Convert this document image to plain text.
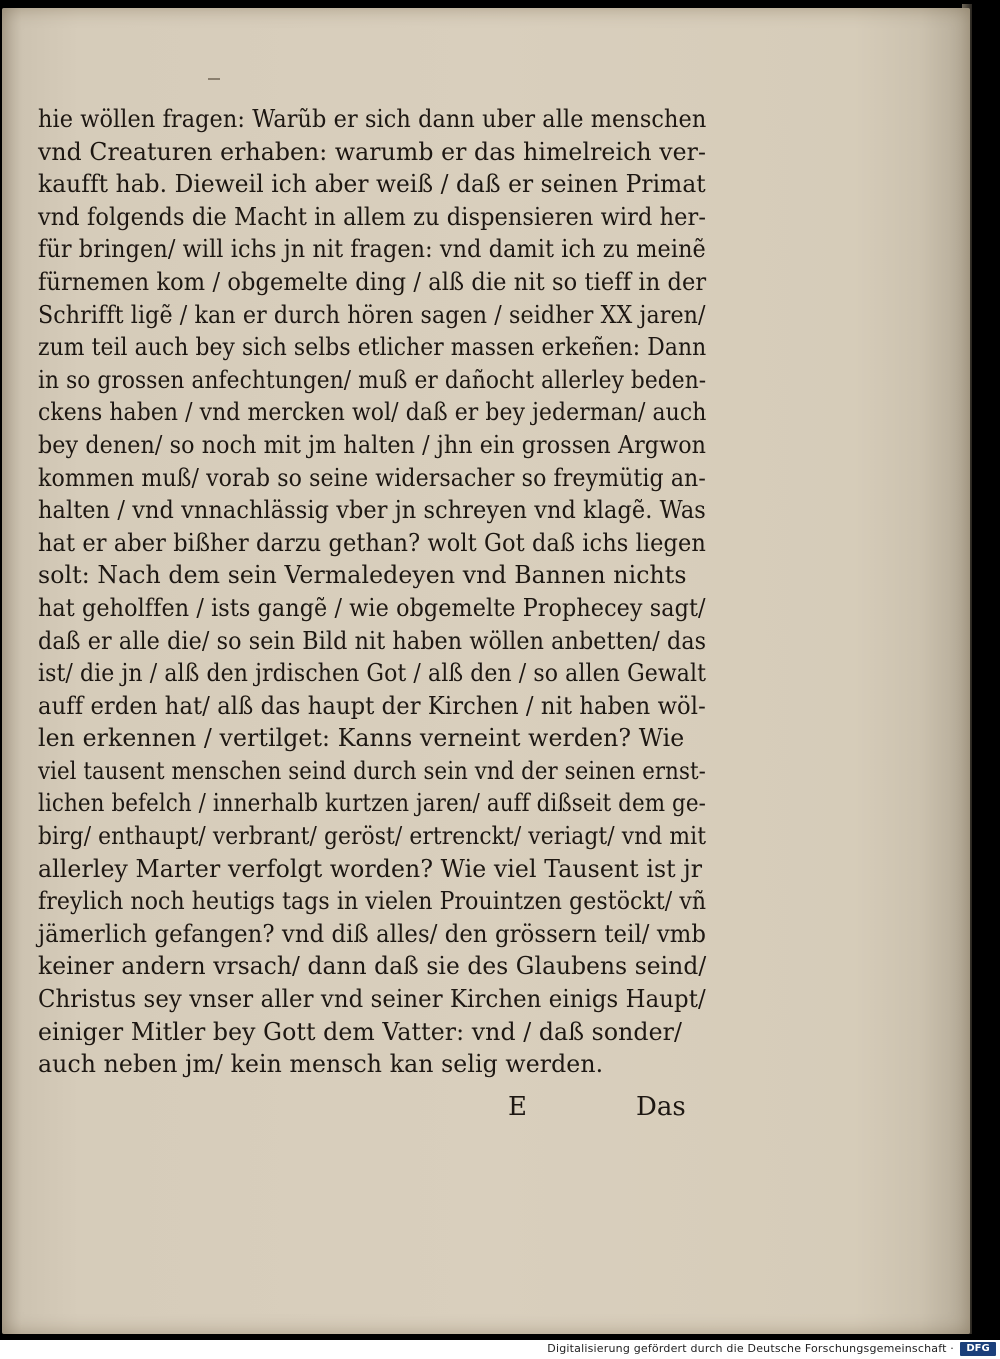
hie wöllen fragen: Warũb er sich dann uber alle menschen
vnd Creaturen erhaben: warumb er das himelreich ver-
kaufft hab. Dieweil ich aber weiß / daß er seinen Primat
vnd folgends die Macht in allem zu dispensieren wird her-
für bringen/ will ichs jn nit fragen: vnd damit ich zu meinẽ
fürnemen kom / obgemelte ding / alß die nit so tieff in der
Schrifft ligẽ / kan er durch hören sagen / seidher XX jaren/
zum teil auch bey sich selbs etlicher massen erkeñen: Dann
in so grossen anfechtungen/ muß er dañocht allerley beden-
ckens haben / vnd mercken wol/ daß er bey jederman/ auch
bey denen/ so noch mit jm halten / jhn ein grossen Argwon
kommen muß/ vorab so seine widersacher so freymütig an-
halten / vnd vnnachlässig vber jn schreyen vnd klagẽ. Was
hat er aber bißher darzu gethan? wolt Got daß ichs liegen
solt: Nach dem sein Vermaledeyen vnd Bannen nichts
hat geholffen / ists gangẽ / wie obgemelte Prophecey sagt/
daß er alle die/ so sein Bild nit haben wöllen anbetten/ das
ist/ die jn / alß den jrdischen Got / alß den / so allen Gewalt
auff erden hat/ alß das haupt der Kirchen / nit haben wöl-
len erkennen / vertilget: Kanns verneint werden? Wie
viel tausent menschen seind durch sein vnd der seinen ernst-
lichen befelch / innerhalb kurtzen jaren/ auff dißseit dem ge-
birg/ enthaupt/ verbrant/ geröst/ ertrenckt/ veriagt/ vnd mit
allerley Marter verfolgt worden? Wie viel Tausent ist jr
freylich noch heutigs tags in vielen Prouintzen gestöckt/ vñ
jämerlich gefangen? vnd diß alles/ den grössern teil/ vmb
keiner andern vrsach/ dann daß sie des Glaubens seind/
Christus sey vnser aller vnd seiner Kirchen einigs Haupt/
einiger Mitler bey Gott dem Vatter: vnd / daß sonder/
auch neben jm/ kein mensch kan selig werden.
E	Das
Digitalisierung gefördert durch die Deutsche Forschungsgemeinschaft ·	DFG
